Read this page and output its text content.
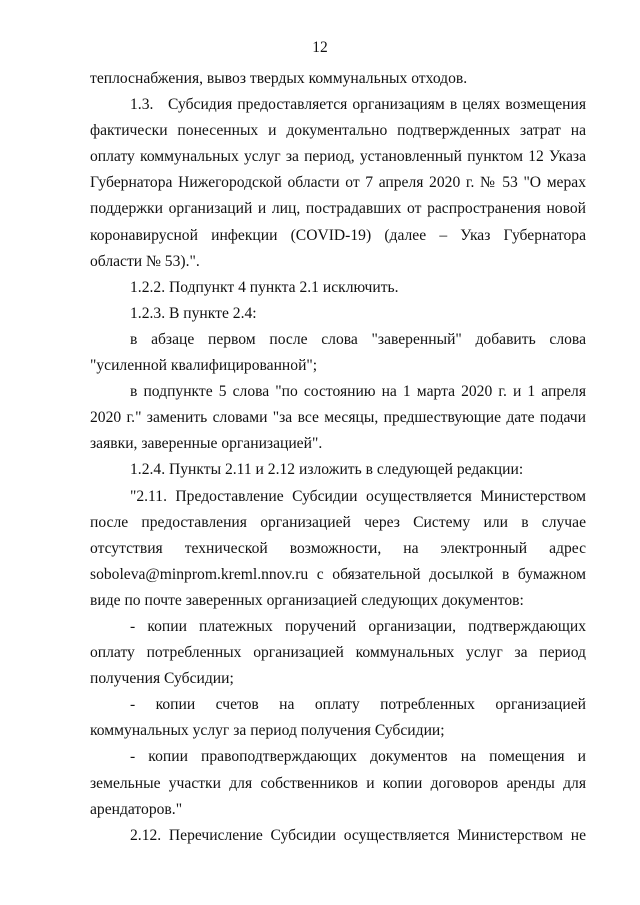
12

теплоснабжения, вывоз твердых коммунальных отходов.

1.3. Субсидия предоставляется организациям в целях возмещения фактически понесенных и документально подтвержденных затрат на оплату коммунальных услуг за период, установленный пунктом 12 Указа Губернатора Нижегородской области от 7 апреля 2020 г. № 53 "О мерах поддержки организаций и лиц, пострадавших от распространения новой коронавирусной инфекции (COVID-19) (далее – Указ Губернатора области № 53).".

1.2.2. Подпункт 4 пункта 2.1 исключить.

1.2.3. В пункте 2.4:

в абзаце первом после слова "заверенный" добавить слова "усиленной квалифицированной";

в подпункте 5 слова "по состоянию на 1 марта 2020 г. и 1 апреля 2020 г." заменить словами "за все месяцы, предшествующие дате подачи заявки, заверенные организацией".

1.2.4. Пункты 2.11 и 2.12 изложить в следующей редакции:

"2.11. Предоставление Субсидии осуществляется Министерством после предоставления организацией через Систему или в случае отсутствия технической возможности, на электронный адрес soboleva@minprom.kreml.nnov.ru с обязательной досылкой в бумажном виде по почте заверенных организацией следующих документов:

- копии платежных поручений организации, подтверждающих оплату потребленных организацией коммунальных услуг за период получения Субсидии;

- копии счетов на оплату потребленных организацией коммунальных услуг за период получения Субсидии;

- копии правоподтверждающих документов на помещения и земельные участки для собственников и копии договоров аренды для арендаторов."

2.12. Перечисление Субсидии осуществляется Министерством не
